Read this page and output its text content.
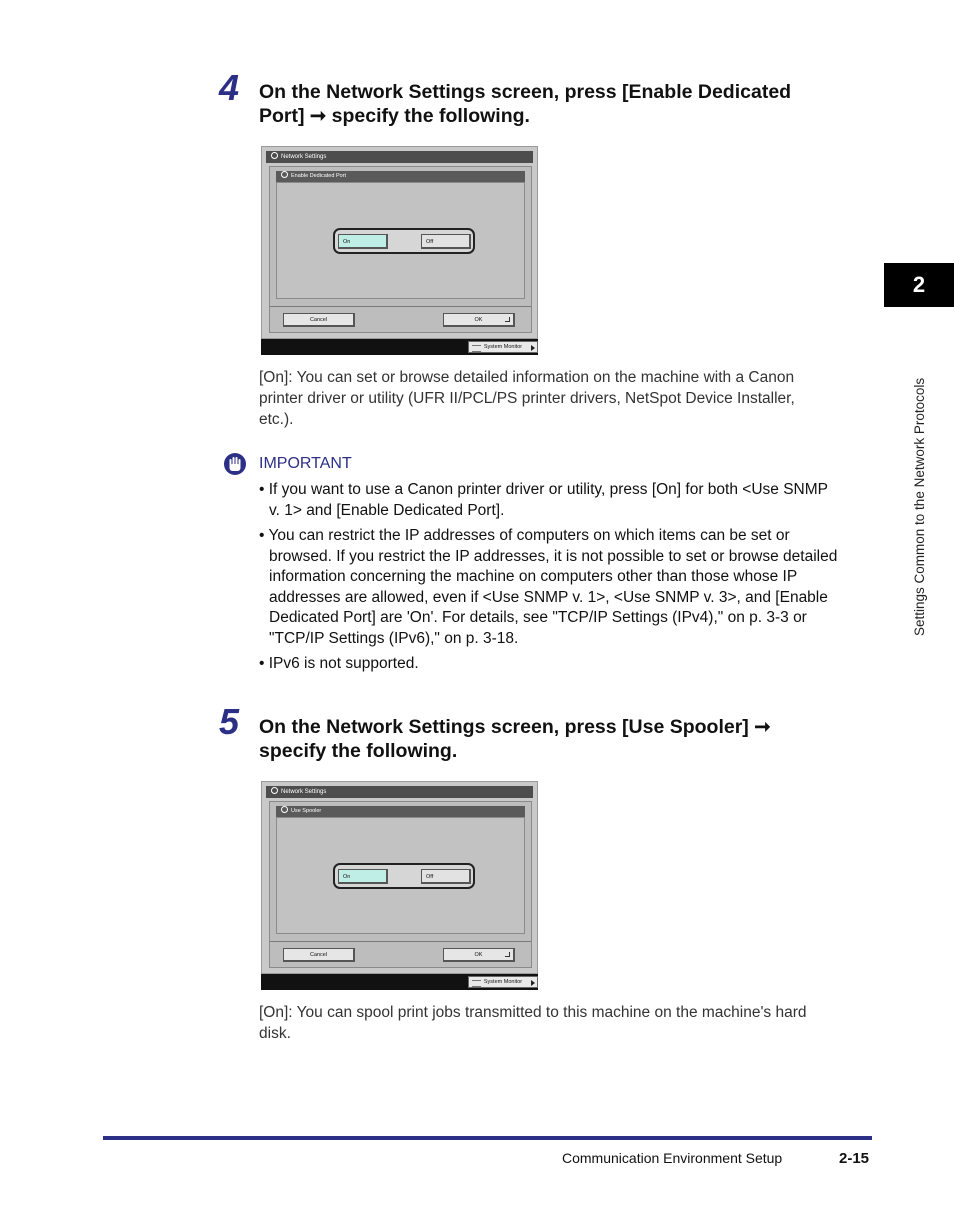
4 On the Network Settings screen, press [Enable Dedicated
Port] ➞ specify the following.
Network Settings
Enable Dedicated Port
On	Off
Cancel	OK
System Monitor
[On]: You can set or browse detailed information on the machine with a Canon
printer driver or utility (UFR II/PCL/PS printer drivers, NetSpot Device Installer,
etc.).
IMPORTANT
• If you want to use a Canon printer driver or utility, press [On] for both <Use SNMP
v. 1> and [Enable Dedicated Port].
• You can restrict the IP addresses of computers on which items can be set or
browsed. If you restrict the IP addresses, it is not possible to set or browse detailed
information concerning the machine on computers other than those whose IP
addresses are allowed, even if <Use SNMP v. 1>, <Use SNMP v. 3>, and [Enable
Dedicated Port] are 'On'. For details, see "TCP/IP Settings (IPv4)," on p. 3-3 or
"TCP/IP Settings (IPv6)," on p. 3-18.
• IPv6 is not supported.
5 On the Network Settings screen, press [Use Spooler] ➞
specify the following.
Network Settings
Use Spooler
On	Off
Cancel	OK
System Monitor
[On]: You can spool print jobs transmitted to this machine on the machine's hard
disk.
2
Settings Common to the Network Protocols
Communication Environment Setup	2-15
